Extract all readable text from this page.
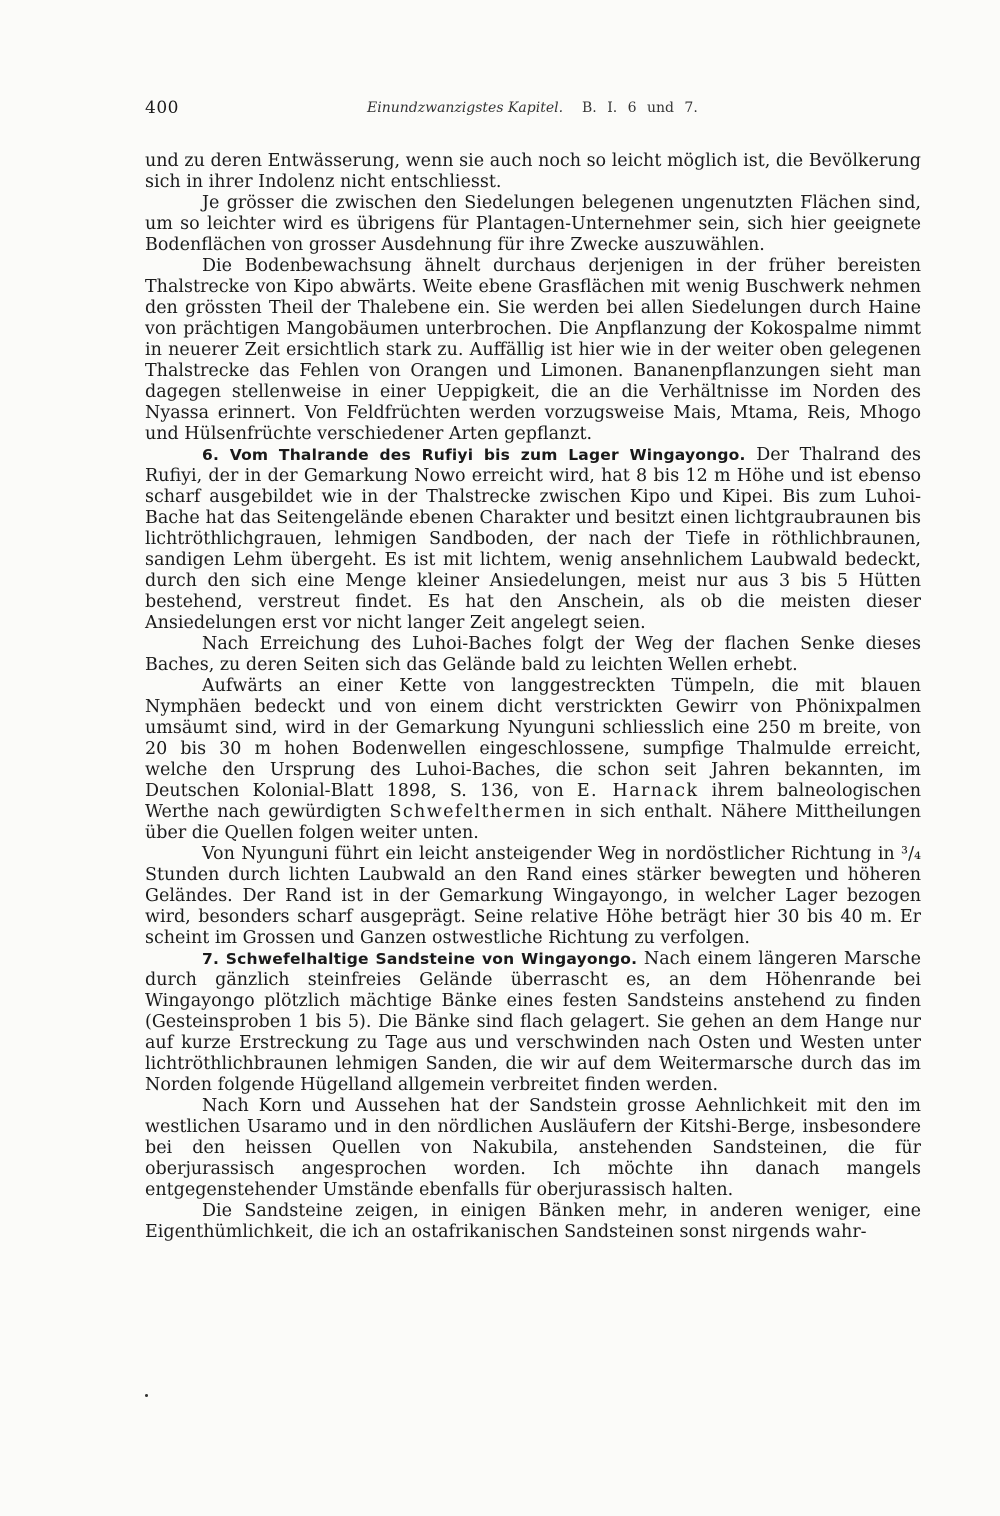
400	Einundzwanzigstes Kapitel. B. I. 6 und 7.

und zu deren Entwässerung, wenn sie auch noch so leicht möglich ist, die Bevölkerung sich in ihrer Indolenz nicht entschliesst.

Je grösser die zwischen den Siedelungen belegenen ungenutzten Flächen sind, um so leichter wird es übrigens für Plantagen-Unternehmer sein, sich hier geeignete Bodenflächen von grosser Ausdehnung für ihre Zwecke auszuwählen.

Die Bodenbewachsung ähnelt durchaus derjenigen in der früher bereisten Thalstrecke von Kipo abwärts. Weite ebene Grasflächen mit wenig Buschwerk nehmen den grössten Theil der Thalebene ein. Sie werden bei allen Siedelungen durch Haine von prächtigen Mangobäumen unterbrochen. Die Anpflanzung der Kokospalme nimmt in neuerer Zeit ersichtlich stark zu. Auffällig ist hier wie in der weiter oben gelegenen Thalstrecke das Fehlen von Orangen und Limonen. Bananenpflanzungen sieht man dagegen stellenweise in einer Ueppigkeit, die an die Verhältnisse im Norden des Nyassa erinnert. Von Feldfrüchten werden vorzugsweise Mais, Mtama, Reis, Mhogo und Hülsenfrüchte verschiedener Arten gepflanzt.

6. Vom Thalrande des Rufiyi bis zum Lager Wingayongo. Der Thalrand des Rufiyi, der in der Gemarkung Nowo erreicht wird, hat 8 bis 12 m Höhe und ist ebenso scharf ausgebildet wie in der Thalstrecke zwischen Kipo und Kipei. Bis zum Luhoi-Bache hat das Seitengelände ebenen Charakter und besitzt einen lichtgraubraunen bis lichtröthlichgrauen, lehmigen Sandboden, der nach der Tiefe in röthlichbraunen, sandigen Lehm übergeht. Es ist mit lichtem, wenig ansehnlichem Laubwald bedeckt, durch den sich eine Menge kleiner Ansiedelungen, meist nur aus 3 bis 5 Hütten bestehend, verstreut findet. Es hat den Anschein, als ob die meisten dieser Ansiedelungen erst vor nicht langer Zeit angelegt seien.

Nach Erreichung des Luhoi-Baches folgt der Weg der flachen Senke dieses Baches, zu deren Seiten sich das Gelände bald zu leichten Wellen erhebt.

Aufwärts an einer Kette von langgestreckten Tümpeln, die mit blauen Nymphäen bedeckt und von einem dicht verstrickten Gewirr von Phönixpalmen umsäumt sind, wird in der Gemarkung Nyunguni schliesslich eine 250 m breite, von 20 bis 30 m hohen Bodenwellen eingeschlossene, sumpfige Thalmulde erreicht, welche den Ursprung des Luhoi-Baches, die schon seit Jahren bekannten, im Deutschen Kolonial-Blatt 1898, S. 136, von E. Harnack ihrem balneologischen Werthe nach gewürdigten Schwefelthermen in sich enthalt. Nähere Mittheilungen über die Quellen folgen weiter unten.

Von Nyunguni führt ein leicht ansteigender Weg in nordöstlicher Richtung in ³/₄ Stunden durch lichten Laubwald an den Rand eines stärker bewegten und höheren Geländes. Der Rand ist in der Gemarkung Wingayongo, in welcher Lager bezogen wird, besonders scharf ausgeprägt. Seine relative Höhe beträgt hier 30 bis 40 m. Er scheint im Grossen und Ganzen ostwestliche Richtung zu verfolgen.

7. Schwefelhaltige Sandsteine von Wingayongo. Nach einem längeren Marsche durch gänzlich steinfreies Gelände überrascht es, an dem Höhenrande bei Wingayongo plötzlich mächtige Bänke eines festen Sandsteins anstehend zu finden (Gesteinsproben 1 bis 5). Die Bänke sind flach gelagert. Sie gehen an dem Hange nur auf kurze Erstreckung zu Tage aus und verschwinden nach Osten und Westen unter lichtröthlichbraunen lehmigen Sanden, die wir auf dem Weitermarsche durch das im Norden folgende Hügelland allgemein verbreitet finden werden.

Nach Korn und Aussehen hat der Sandstein grosse Aehnlichkeit mit den im westlichen Usaramo und in den nördlichen Ausläufern der Kitshi-Berge, insbesondere bei den heissen Quellen von Nakubila, anstehenden Sandsteinen, die für oberjurassisch angesprochen worden. Ich möchte ihn danach mangels entgegenstehender Umstände ebenfalls für oberjurassisch halten.

Die Sandsteine zeigen, in einigen Bänken mehr, in anderen weniger, eine Eigenthümlichkeit, die ich an ostafrikanischen Sandsteinen sonst nirgends wahr-
